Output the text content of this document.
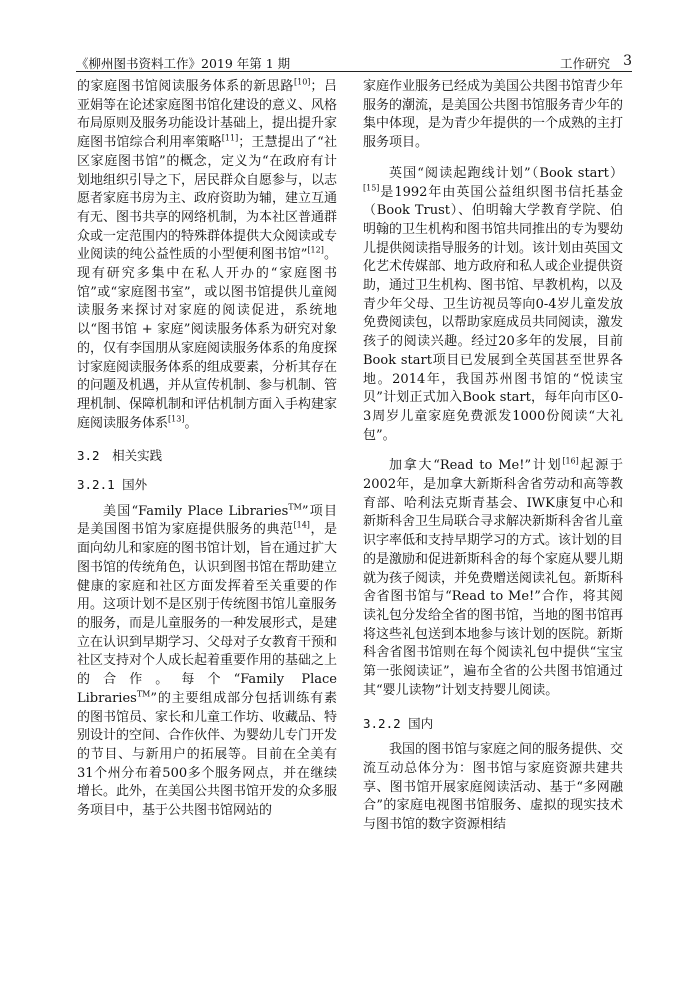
《柳州图书资料工作》2019 年第 1 期	工作研究 3

的家庭图书馆阅读服务体系的新思路[10]；吕亚娟等在论述家庭图书馆化建设的意义、风格布局原则及服务功能设计基础上，提出提升家庭图书馆综合利用率策略[11]；王慧提出了“社区家庭图书馆”的概念，定义为“在政府有计划地组织引导之下，居民群众自愿参与，以志愿者家庭书房为主、政府资助为辅，建立互通有无、图书共享的网络机制，为本社区普通群众或一定范围内的特殊群体提供大众阅读或专业阅读的纯公益性质的小型便利图书馆”[12]。现有研究多集中在私人开办的“家庭图书馆”或“家庭图书室”，或以图书馆提供儿童阅读服务来探讨对家庭的阅读促进，系统地以“图书馆 + 家庭”阅读服务体系为研究对象的，仅有李国朋从家庭阅读服务体系的角度探讨家庭阅读服务体系的组成要素，分析其存在的问题及机遇，并从宣传机制、参与机制、管理机制、保障机制和评估机制方面入手构建家庭阅读服务体系[13]。

3.2　相关实践
3.2.1 国外

美国“Family Place Libraries™”项目是美国图书馆为家庭提供服务的典范[14]，是面向幼儿和家庭的图书馆计划，旨在通过扩大图书馆的传统角色，认识到图书馆在帮助建立健康的家庭和社区方面发挥着至关重要的作用。这项计划不是区别于传统图书馆儿童服务的服务，而是儿童服务的一种发展形式，是建立在认识到早期学习、父母对子女教育干预和社区支持对个人成长起着重要作用的基础之上的合作。每个“Family Place Libraries™”的主要组成部分包括训练有素的图书馆员、家长和儿童工作坊、收藏品、特别设计的空间、合作伙伴、为婴幼儿专门开发的节目、与新用户的拓展等。目前在全美有31个州分布着500多个服务网点，并在继续增长。此外，在美国公共图书馆开发的众多服务项目中，基于公共图书馆网站的

家庭作业服务已经成为美国公共图书馆青少年服务的潮流，是美国公共图书馆服务青少年的集中体现，是为青少年提供的一个成熟的主打服务项目。

英国“阅读起跑线计划”（Book start）[15]是1992年由英国公益组织图书信托基金（Book Trust）、伯明翰大学教育学院、伯明翰的卫生机构和图书馆共同推出的专为婴幼儿提供阅读指导服务的计划。该计划由英国文化艺术传媒部、地方政府和私人或企业提供资助，通过卫生机构、图书馆、早教机构，以及青少年父母、卫生访视员等向0-4岁儿童发放免费阅读包，以帮助家庭成员共同阅读，激发孩子的阅读兴趣。经过20多年的发展，目前Book start项目已发展到全英国甚至世界各地。2014年，我国苏州图书馆的“悦读宝贝”计划正式加入Book start，每年向市区0-3周岁儿童家庭免费派发1000份阅读“大礼包”。

加拿大“Read to Me!”计划[16]起源于2002年，是加拿大新斯科舍省劳动和高等教育部、哈利法克斯青基会、IWK康复中心和新斯科舍卫生局联合寻求解决新斯科舍省儿童识字率低和支持早期学习的方式。该计划的目的是激励和促进新斯科舍的每个家庭从婴儿期就为孩子阅读，并免费赠送阅读礼包。新斯科舍省图书馆与“Read to Me!”合作，将其阅读礼包分发给全省的图书馆，当地的图书馆再将这些礼包送到本地参与该计划的医院。新斯科舍省图书馆则在每个阅读礼包中提供“宝宝第一张阅读证”，遍布全省的公共图书馆通过其“婴儿读物”计划支持婴儿阅读。

3.2.2 国内

我国的图书馆与家庭之间的服务提供、交流互动总体分为：图书馆与家庭资源共建共享、图书馆开展家庭阅读活动、基于“多网融合”的家庭电视图书馆服务、虚拟的现实技术与图书馆的数字资源相结
